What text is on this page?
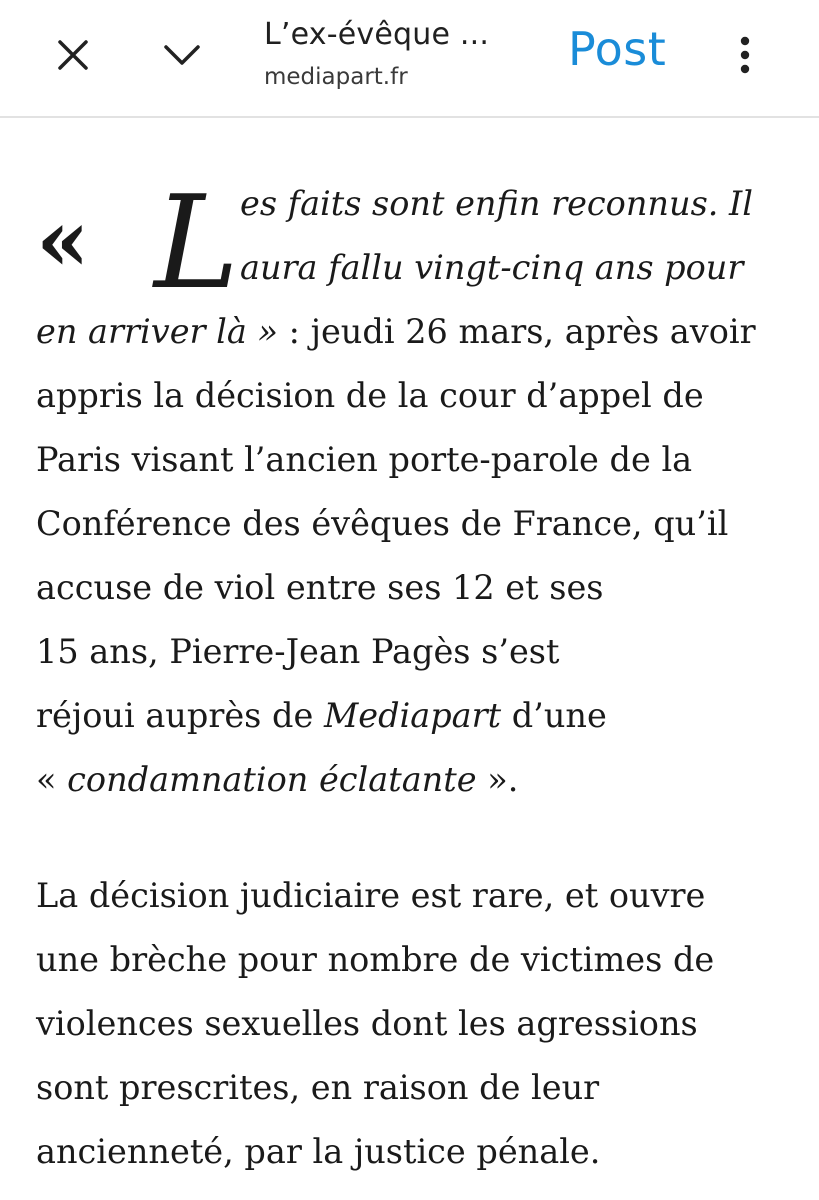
L’ex-évêque ...
mediapart.fr
Post
« L es faits sont enfin reconnus. Il
aura fallu vingt-cinq ans pour
en arriver là » : jeudi 26 mars, après avoir
appris la décision de la cour d’appel de
Paris visant l’ancien porte-parole de la
Conférence des évêques de France, qu’il
accuse de viol entre ses 12 et ses
15 ans, Pierre-Jean Pagès s’est
réjoui auprès de Mediapart d’une
« condamnation éclatante ».
La décision judiciaire est rare, et ouvre
une brèche pour nombre de victimes de
violences sexuelles dont les agressions
sont prescrites, en raison de leur
ancienneté, par la justice pénale.
